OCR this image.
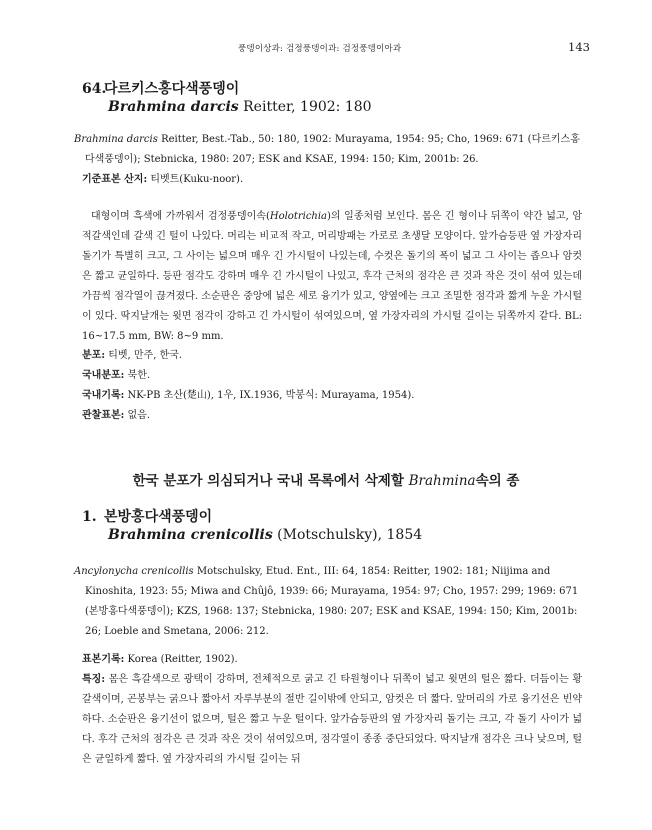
풍뎅이상과: 검정풍뎅이과: 검정풍뎅이아과	143
64.다르키스홍다색풍뎅이
Brahmina darcis Reitter, 1902: 180

Brahmina darcis Reitter, Best.-Tab., 50: 180, 1902: Murayama, 1954: 95; Cho, 1969: 671 (다르키스홍다색풍뎅이); Stebnicka, 1980: 207; ESK and KSAE, 1994: 150; Kim, 2001b: 26.

기준표본 산지: 티벳트(Kuku-noor).
대형이며 흑색에 가까워서 검정풍뎅이속(Holotrichia)의 일종처럼 보인다. 몸은 긴 형이나 뒤쪽이 약간 넓고, 암적갈색인데 갈색 긴 털이 나있다. 머리는 비교적 작고, 머리방패는 가로로 초생달 모양이다. 앞가슴등판 옆 가장자리 돌기가 특별히 크고, 그 사이는 넓으며 매우 긴 가시털이 나있는데, 수컷은 돌기의 폭이 넓고 그 사이는 좁으나 암컷은 짧고 균일하다. 등판 점각도 강하며 매우 긴 가시털이 나있고, 후각 근처의 점각은 큰 것과 작은 것이 섞여 있는데 가끔씩 점각열이 끊겨졌다. 소순판은 중앙에 넓은 세로 융기가 있고, 양옆에는 크고 조밀한 점각과 짧게 누운 가시털이 있다. 딱지날개는 윗면 점각이 강하고 긴 가시털이 섞여있으며, 옆 가장자리의 가시털 길이는 뒤쪽까지 같다. BL: 16~17.5 mm, BW: 8~9 mm.

분포: 티벳, 만주, 한국.

국내분포: 북한.

국내기록: NK-PB 초산(楚山), 1우, IX.1936, 박봉식: Murayama, 1954).

관찰표본: 없음.

한국 분포가 의심되거나 국내 목록에서 삭제할 Brahmina속의 종
1. 본방홍다색풍뎅이
Brahmina crenicollis (Motschulsky), 1854

Ancylonycha crenicollis Motschulsky, Etud. Ent., III: 64, 1854: Reitter, 1902: 181; Niijima and Kinoshita, 1923: 55; Miwa and Chûjô, 1939: 66; Murayama, 1954: 97; Cho, 1957: 299; 1969: 671 (본방홍다색풍뎅이); KZS, 1968: 137; Stebnicka, 1980: 207; ESK and KSAE, 1994: 150; Kim, 2001b: 26; Loeble and Smetana, 2006: 212.

표본기록: Korea (Reitter, 1902).

특징: 몸은 흑갈색으로 광택이 강하며, 전체적으로 굵고 긴 타원형이나 뒤쪽이 넓고 윗면의 털은 짧다. 더듬이는 황갈색이며, 곤봉부는 굵으나 짧아서 자루부분의 절반 길이밖에 안되고, 암컷은 더 짧다. 앞머리의 가로 융기선은 빈약하다. 소순판은 융기선이 없으며, 털은 짧고 누운 털이다. 앞가슴등판의 옆 가장자리 돌기는 크고, 각 돌기 사이가 넓다. 후각 근처의 점각은 큰 것과 작은 것이 섞여있으며, 점각열이 종종 중단되었다. 딱지날개 점각은 크나 낮으며, 털은 균일하게 짧다. 옆 가장자리의 가시털 길이는 뒤
